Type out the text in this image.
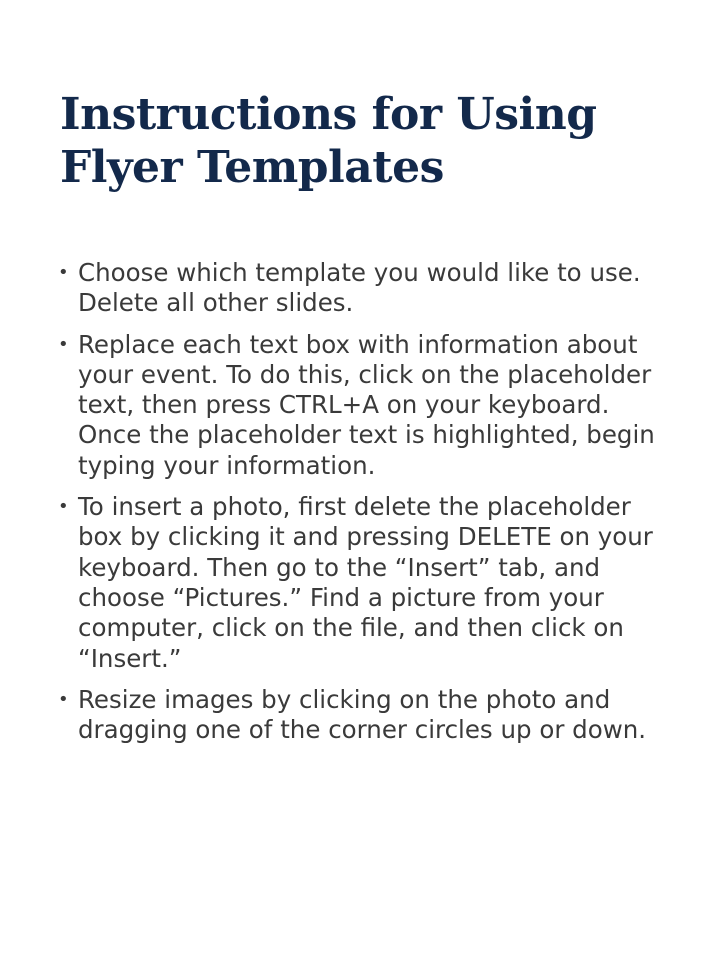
Instructions for Using Flyer Templates
• Choose which template you would like to use. Delete all other slides.
• Replace each text box with information about your event. To do this, click on the placeholder text, then press CTRL+A on your keyboard. Once the placeholder text is highlighted, begin typing your information.
• To insert a photo, first delete the placeholder box by clicking it and pressing DELETE on your keyboard. Then go to the “Insert” tab, and choose “Pictures.” Find a picture from your computer, click on the file, and then click on “Insert.”
• Resize images by clicking on the photo and dragging one of the corner circles up or down.
